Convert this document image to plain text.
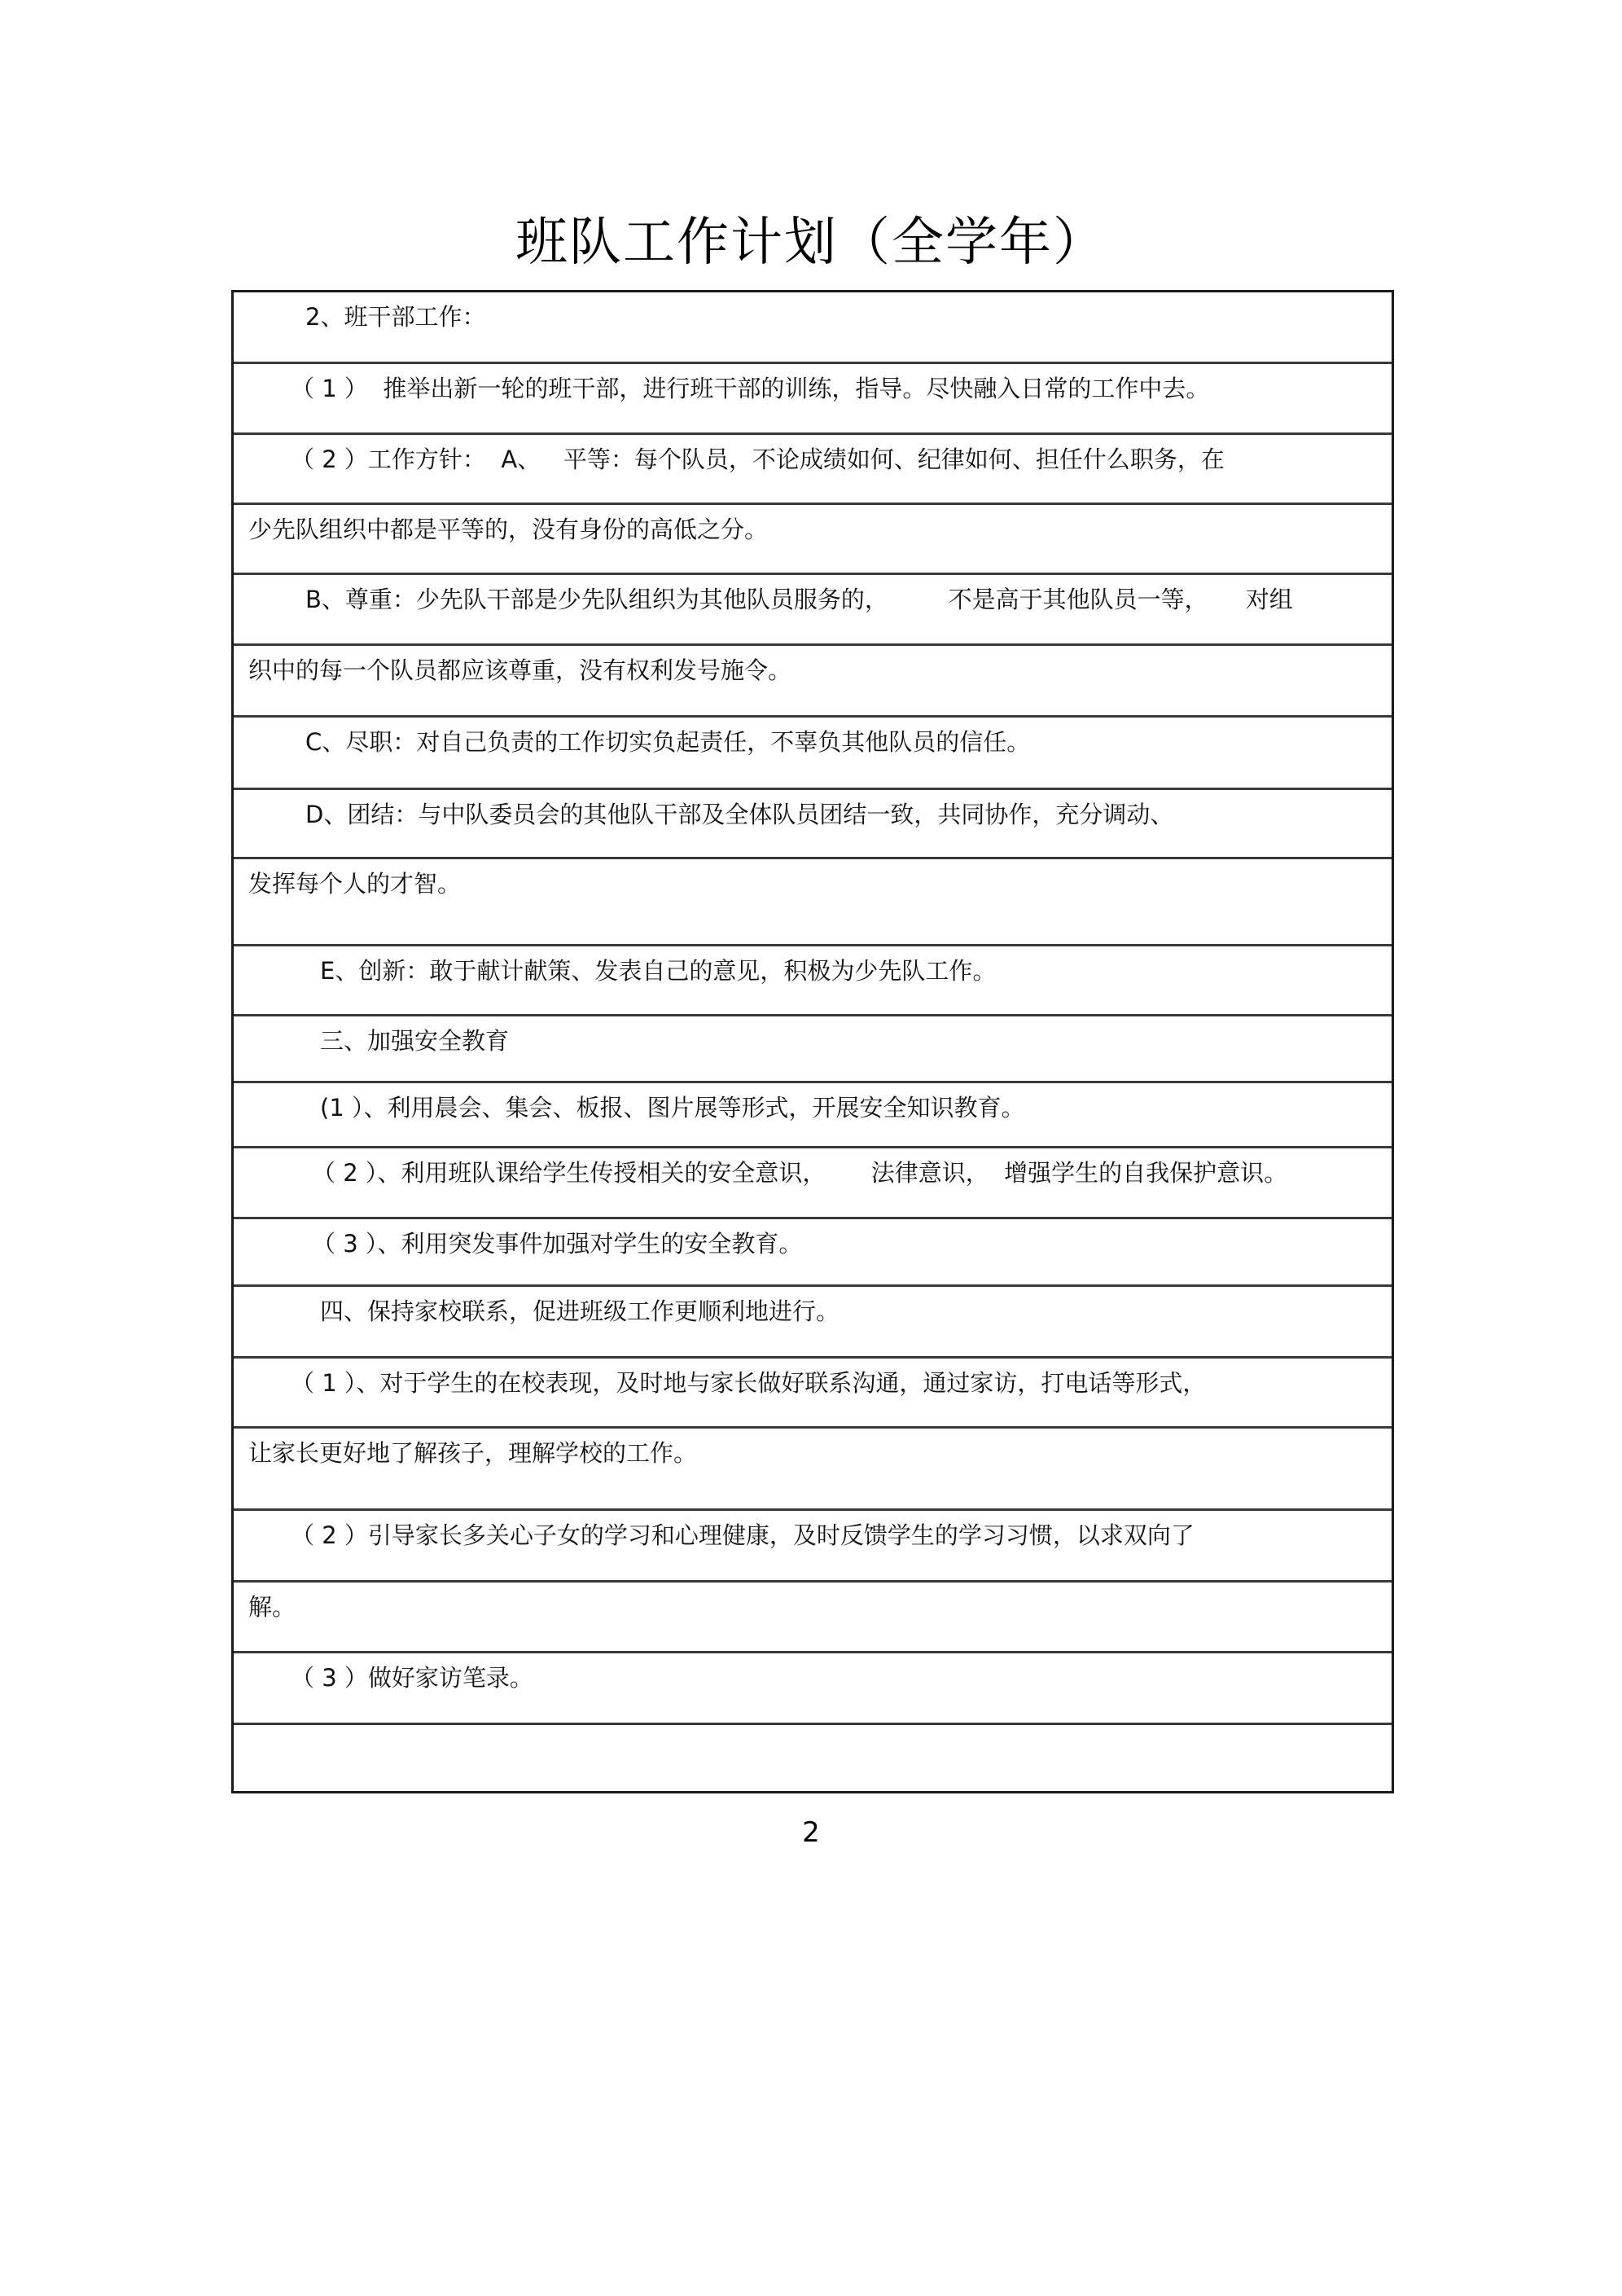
班队工作计划（全学年）
2、班干部工作：
（ 1 ）  推举出新一轮的班干部，进行班干部的训练，指导。尽快融入日常的工作中去。
（ 2 ）工作方针：  A、   平等：每个队员，不论成绩如何、纪律如何、担任什么职务，在
少先队组织中都是平等的，没有身份的高低之分。
B、尊重：少先队干部是少先队组织为其他队员服务的，        不是高于其他队员一等，     对组
织中的每一个队员都应该尊重，没有权利发号施令。
C、尽职：对自己负责的工作切实负起责任，不辜负其他队员的信任。
D、团结：与中队委员会的其他队干部及全体队员团结一致，共同协作，充分调动、
发挥每个人的才智。
E、创新：敢于献计献策、发表自己的意见，积极为少先队工作。
三、加强安全教育
(1 ）、利用晨会、集会、板报、图片展等形式，开展安全知识教育。
（ 2 ）、利用班队课给学生传授相关的安全意识，      法律意识，  增强学生的自我保护意识。
（ 3 ）、利用突发事件加强对学生的安全教育。
四、保持家校联系，促进班级工作更顺利地进行。
（ 1 ）、对于学生的在校表现，及时地与家长做好联系沟通，通过家访，打电话等形式，
让家长更好地了解孩子，理解学校的工作。
（ 2 ）引导家长多关心子女的学习和心理健康，及时反馈学生的学习习惯，以求双向了
解。
（ 3 ）做好家访笔录。
2
